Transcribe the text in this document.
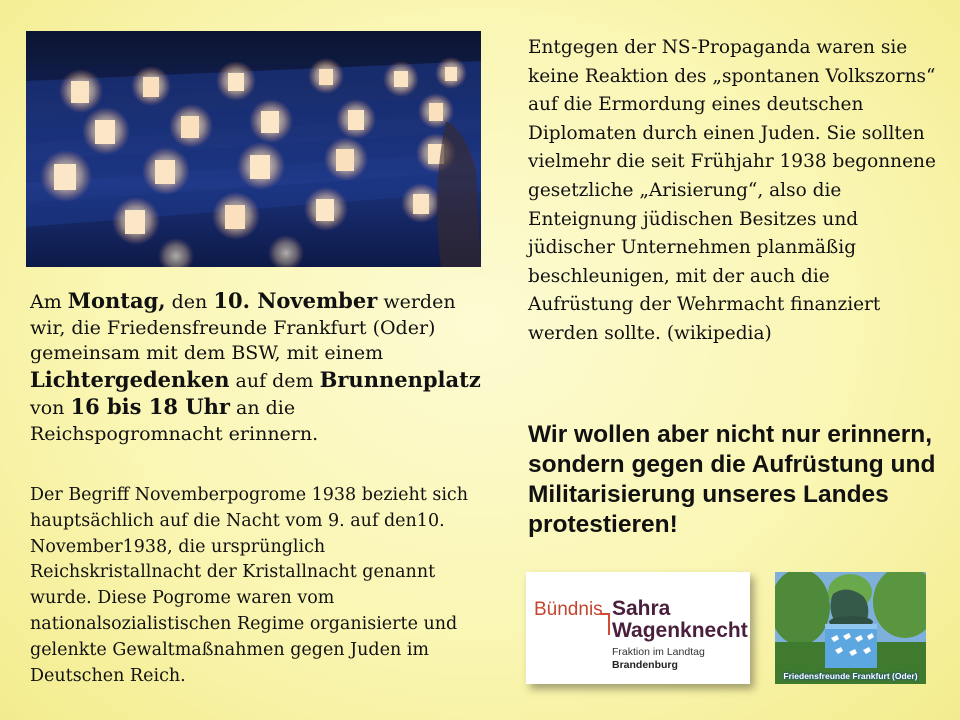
Am Montag, den 10. November werden wir, die Friedensfreunde Frankfurt (Oder) gemeinsam mit dem BSW, mit einem Lichtergedenken auf dem Brunnenplatz von 16 bis 18 Uhr an die Reichspogromnacht erinnern.

Der Begriff Novemberpogrome 1938 bezieht sich hauptsächlich auf die Nacht vom 9. auf den10. November1938, die ursprünglich Reichskristallnacht der Kristallnacht genannt wurde. Diese Pogrome waren vom nationalsozialistischen Regime organisierte und gelenkte Gewaltmaßnahmen gegen Juden im Deutschen Reich.

Entgegen der NS-Propaganda waren sie keine Reaktion des „spontanen Volkszorns“ auf die Ermordung eines deutschen Diplomaten durch einen Juden. Sie sollten vielmehr die seit Frühjahr 1938 begonnene gesetzliche „Arisierung“, also die Enteignung jüdischen Besitzes und jüdischer Unternehmen planmäßig beschleunigen, mit der auch die Aufrüstung der Wehrmacht finanziert werden sollte. (wikipedia)

Wir wollen aber nicht nur erinnern, sondern gegen die Aufrüstung und Militarisierung unseres Landes protestieren!

Bündnis Sahra
Wagenknecht
Fraktion im Landtag
Brandenburg
Friedensfreunde Frankfurt (Oder)
